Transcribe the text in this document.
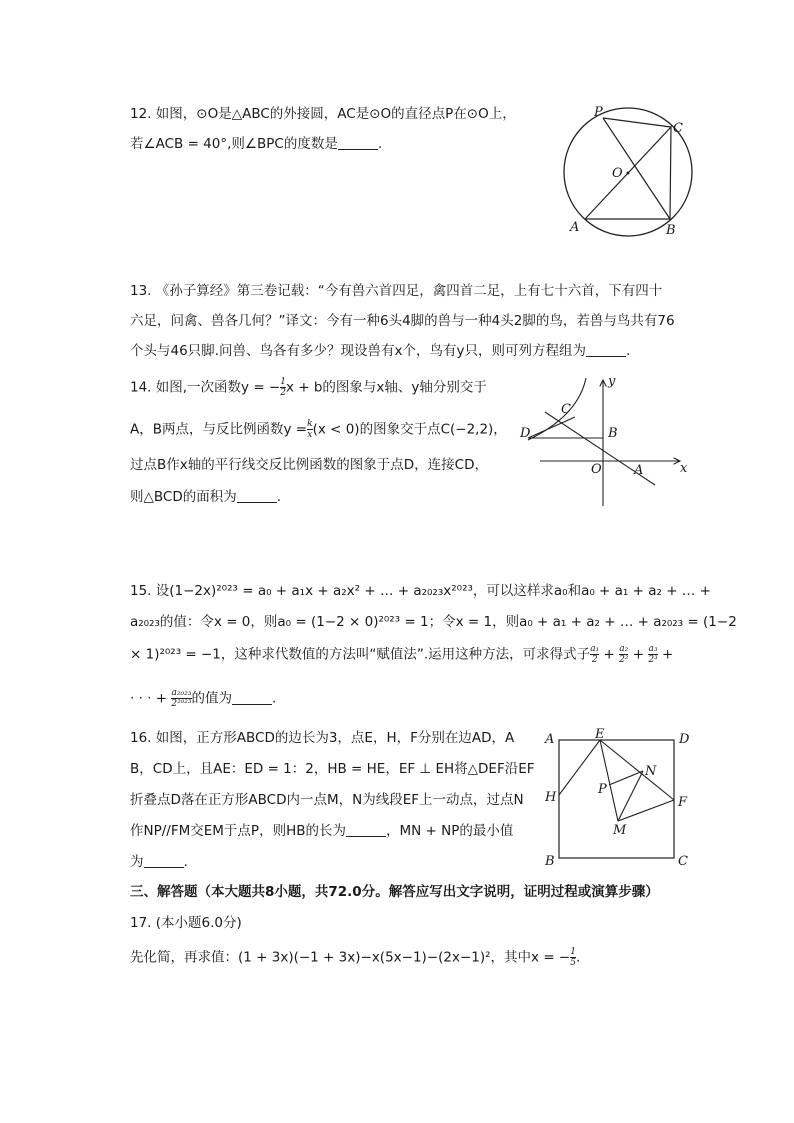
12. 如图，⊙O是△ABC的外接圆，AC是⊙O的直径点P在⊙O上，
若∠ACB = 40°,则∠BPC的度数是	.
P
C
O
A	B
13. 《孙子算经》第三卷记载：“今有兽六首四足，禽四首二足，上有七十六首，下有四十
六足，问禽、兽各几何？”译文：今有一种6头4脚的兽与一种4头2脚的鸟，若兽与鸟共有76
个头与46只脚.问兽、鸟各有多少？现设兽有x个，鸟有y只，则可列方程组为	.
14. 如图,一次函数y = − $\frac{1}{2}$ x + b的图象与x轴、y轴分别交于
A，B两点，与反比例函数$y = \frac{k}{x} (x < 0)$的图象交于点C(−2,2)，
过点B作x轴的平行线交反比例函数的图象于点D，连接CD，
则△BCD的面积为	.
y
x
C
D	B
O A
15. 设(1−2x)²⁰²³ = a₀ + a₁x + a₂x² + … + a₂₀₂₃x²⁰²³，可以这样求a₀和a₀ + a₁ + a₂ + … +
a₂₀₂₃的值：令x = 0，则a₀ = (1−2 × 0)²⁰²³ = 1；令x = 1，则a₀ + a₁ + a₂ + … + a₂₀₂₃ = (1−2
× 1)²⁰²³ = −1，这种求代数值的方法叫“赋值法”.运用这种方法，可求得式子 $\frac{\text{a₁}}{2} + \frac{\text{a₂}}{\text{2²}} + \frac{\text{a₃}}{\text{2³}}$ +
· · · + $\frac{\text{a₂₀₂₃}}{\text{2²⁰²³}}$ 的值为	.
16. 如图，正方形ABCD的边长为3，点E，H，F分别在边AD，A
B，CD上，且AE：ED = 1：2，HB = HE，EF ⊥ EH将△DEF沿EF
折叠点D落在正方形ABCD内一点M，N为线段EF上一动点，过点N
作NP//FM交EM于点P，则HB的长为	，MN + NP的最小值
为	.
A	E	D
N
P
H	F
M
B	C
三、解答题（本大题共8小题，共72.0分。解答应写出文字说明，证明过程或演算步骤）
17. (本小题6.0分)
先化简，再求值：(1 + 3x)(−1 + 3x)−x(5x−1)−(2x−1)²，其中x = − $\frac{1}{5}$ .
